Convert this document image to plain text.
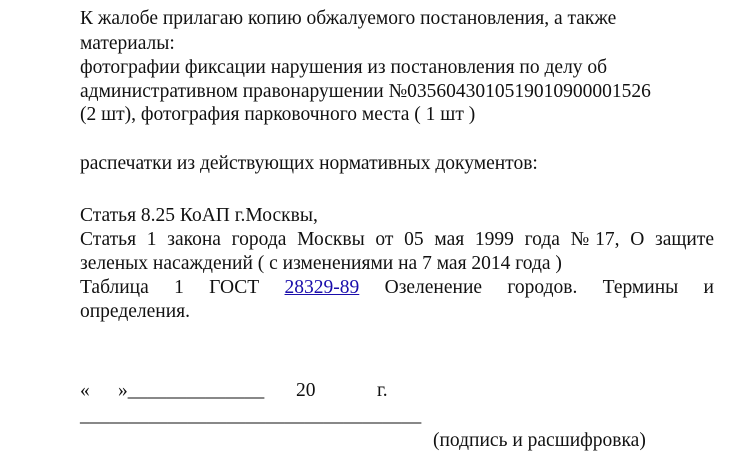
К жалобе прилагаю копию обжалуемого постановления, а также
материалы:
фотографии фиксации нарушения из постановления по делу об
административном правонарушении №0356043010519010900001526
(2 шт), фотография парковочного места ( 1 шт )
распечатки из действующих нормативных документов:
Статья 8.25 КоАП г.Москвы,
Статья 1 закона города Москвы от 05 мая 1999 года №17, О защите
зеленых насаждений ( с изменениями на 7 мая 2014 года )
Таблица 1 ГОСТ 28329-89 Озеленение городов. Термины и
определения.
« »______________ 20	г.
___________________________________
(подпись и расшифровка)
